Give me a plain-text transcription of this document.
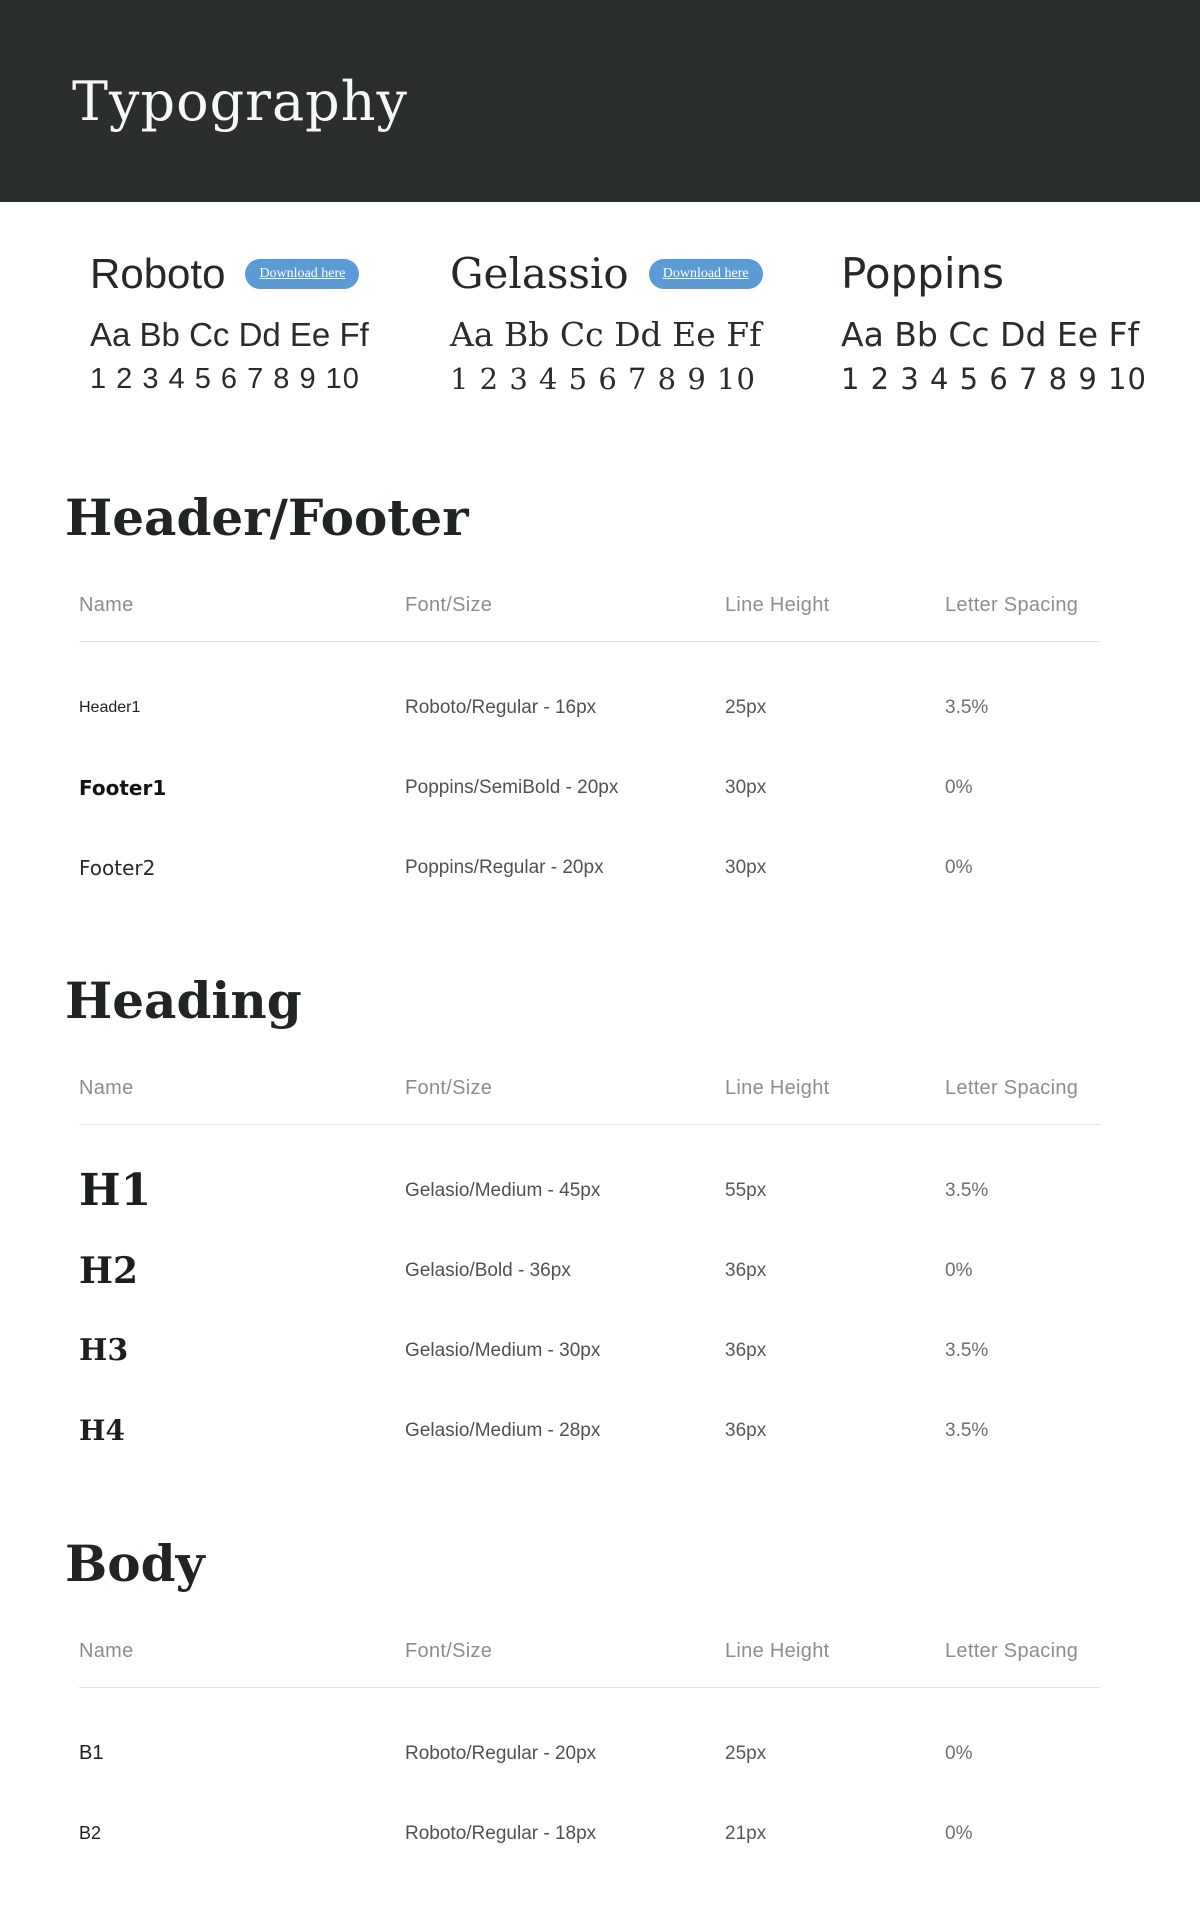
Typography
Roboto	Download here
Aa Bb Cc Dd Ee Ff
1 2 3 4 5 6 7 8 9 10
Gelassio	Download here
Aa Bb Cc Dd Ee Ff
1 2 3 4 5 6 7 8 9 10
Poppins
Aa Bb Cc Dd Ee Ff
1 2 3 4 5 6 7 8 9 10
Header/Footer
Name	Font/Size	Line Height	Letter Spacing
Header1	Roboto/Regular - 16px	25px	3.5%
Footer1	Poppins/SemiBold - 20px	30px	0%
Footer2	Poppins/Regular - 20px	30px	0%
Heading
Name	Font/Size	Line Height	Letter Spacing
H1	Gelasio/Medium - 45px	55px	3.5%
H2	Gelasio/Bold - 36px	36px	0%
H3	Gelasio/Medium - 30px	36px	3.5%
H4	Gelasio/Medium - 28px	36px	3.5%
Body
Name	Font/Size	Line Height	Letter Spacing
B1	Roboto/Regular - 20px	25px	0%
B2	Roboto/Regular - 18px	21px	0%
